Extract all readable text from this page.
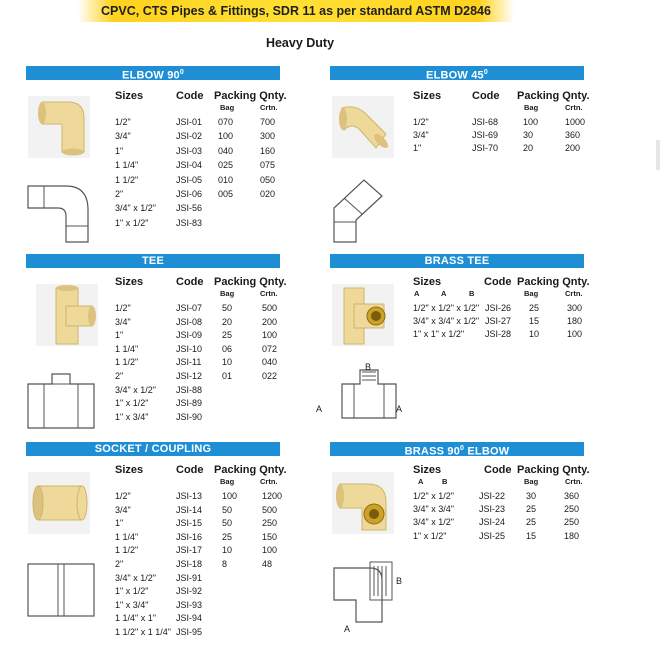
CPVC, CTS Pipes & Fittings, SDR 11 as per standard ASTM D2846
Heavy Duty
ELBOW $90^0$
Sizes	Code Packing Qnty.
Bag	Crtn.
1/2"	JSI-01 070	700
3/4"	JSI-02 100	300
1"	JSI-03 040	160
1 1/4"	JSI-04 025	075
1 1/2"	JSI-05 010	050
2"	JSI-06 005	020
3/4" x 1/2" JSI-56
1" x 1/2"	JSI-83
ELBOW $45^0$
Sizes	Code Packing Qnty.
Bag	Crtn.
1/2"	JSI-68	100	1000
3/4"	JSI-69	30	360
1"	JSI-70	20	200
TEE
Sizes	Code Packing Qnty.
Bag	Crtn.
1/2"	JSI-07 50	500
3/4"	JSI-08 20	200
1"	JSI-09 25	100
1 1/4"	JSI-10 06	072
1 1/2"	JSI-11 10	040
2"	JSI-12 01	022
3/4" x 1/2" JSI-88
1" x 1/2"	JSI-89
1" x 3/4"	JSI-90
BRASS TEE
B
A	A
Sizes	Code Packing Qnty.
A	A	B	Bag	Crtn.
1/2" x 1/2" x 1/2" JSI-26 25	300
3/4" x 3/4" x 1/2" JSI-27 15	180
1" x 1" x 1/2" JSI-28 10	100
SOCKET / COUPLING
Sizes	Code Packing Qnty.
Bag	Crtn.
1/2"	JSI-13 100	1200
3/4"	JSI-14 50	500
1"	JSI-15 50	250
1 1/4"	JSI-16 25	150
1 1/2"	JSI-17 10	100
2"	JSI-18 8	48
3/4" x 1/2" JSI-91
1" x 1/2"	JSI-92
1" x 3/4"	JSI-93
1 1/4" x 1" JSI-94
1 1/2" x 1 1/4" JSI-95
BRASS $90^0$ ELBOW
B
A
Sizes	Code Packing Qnty.
A B	Bag	Crtn.
1/2" x 1/2"	JSI-22 30	360
3/4" x 3/4"	JSI-23 25	250
3/4" x 1/2"	JSI-24 25	250
1" x 1/2"	JSI-25 15	180
